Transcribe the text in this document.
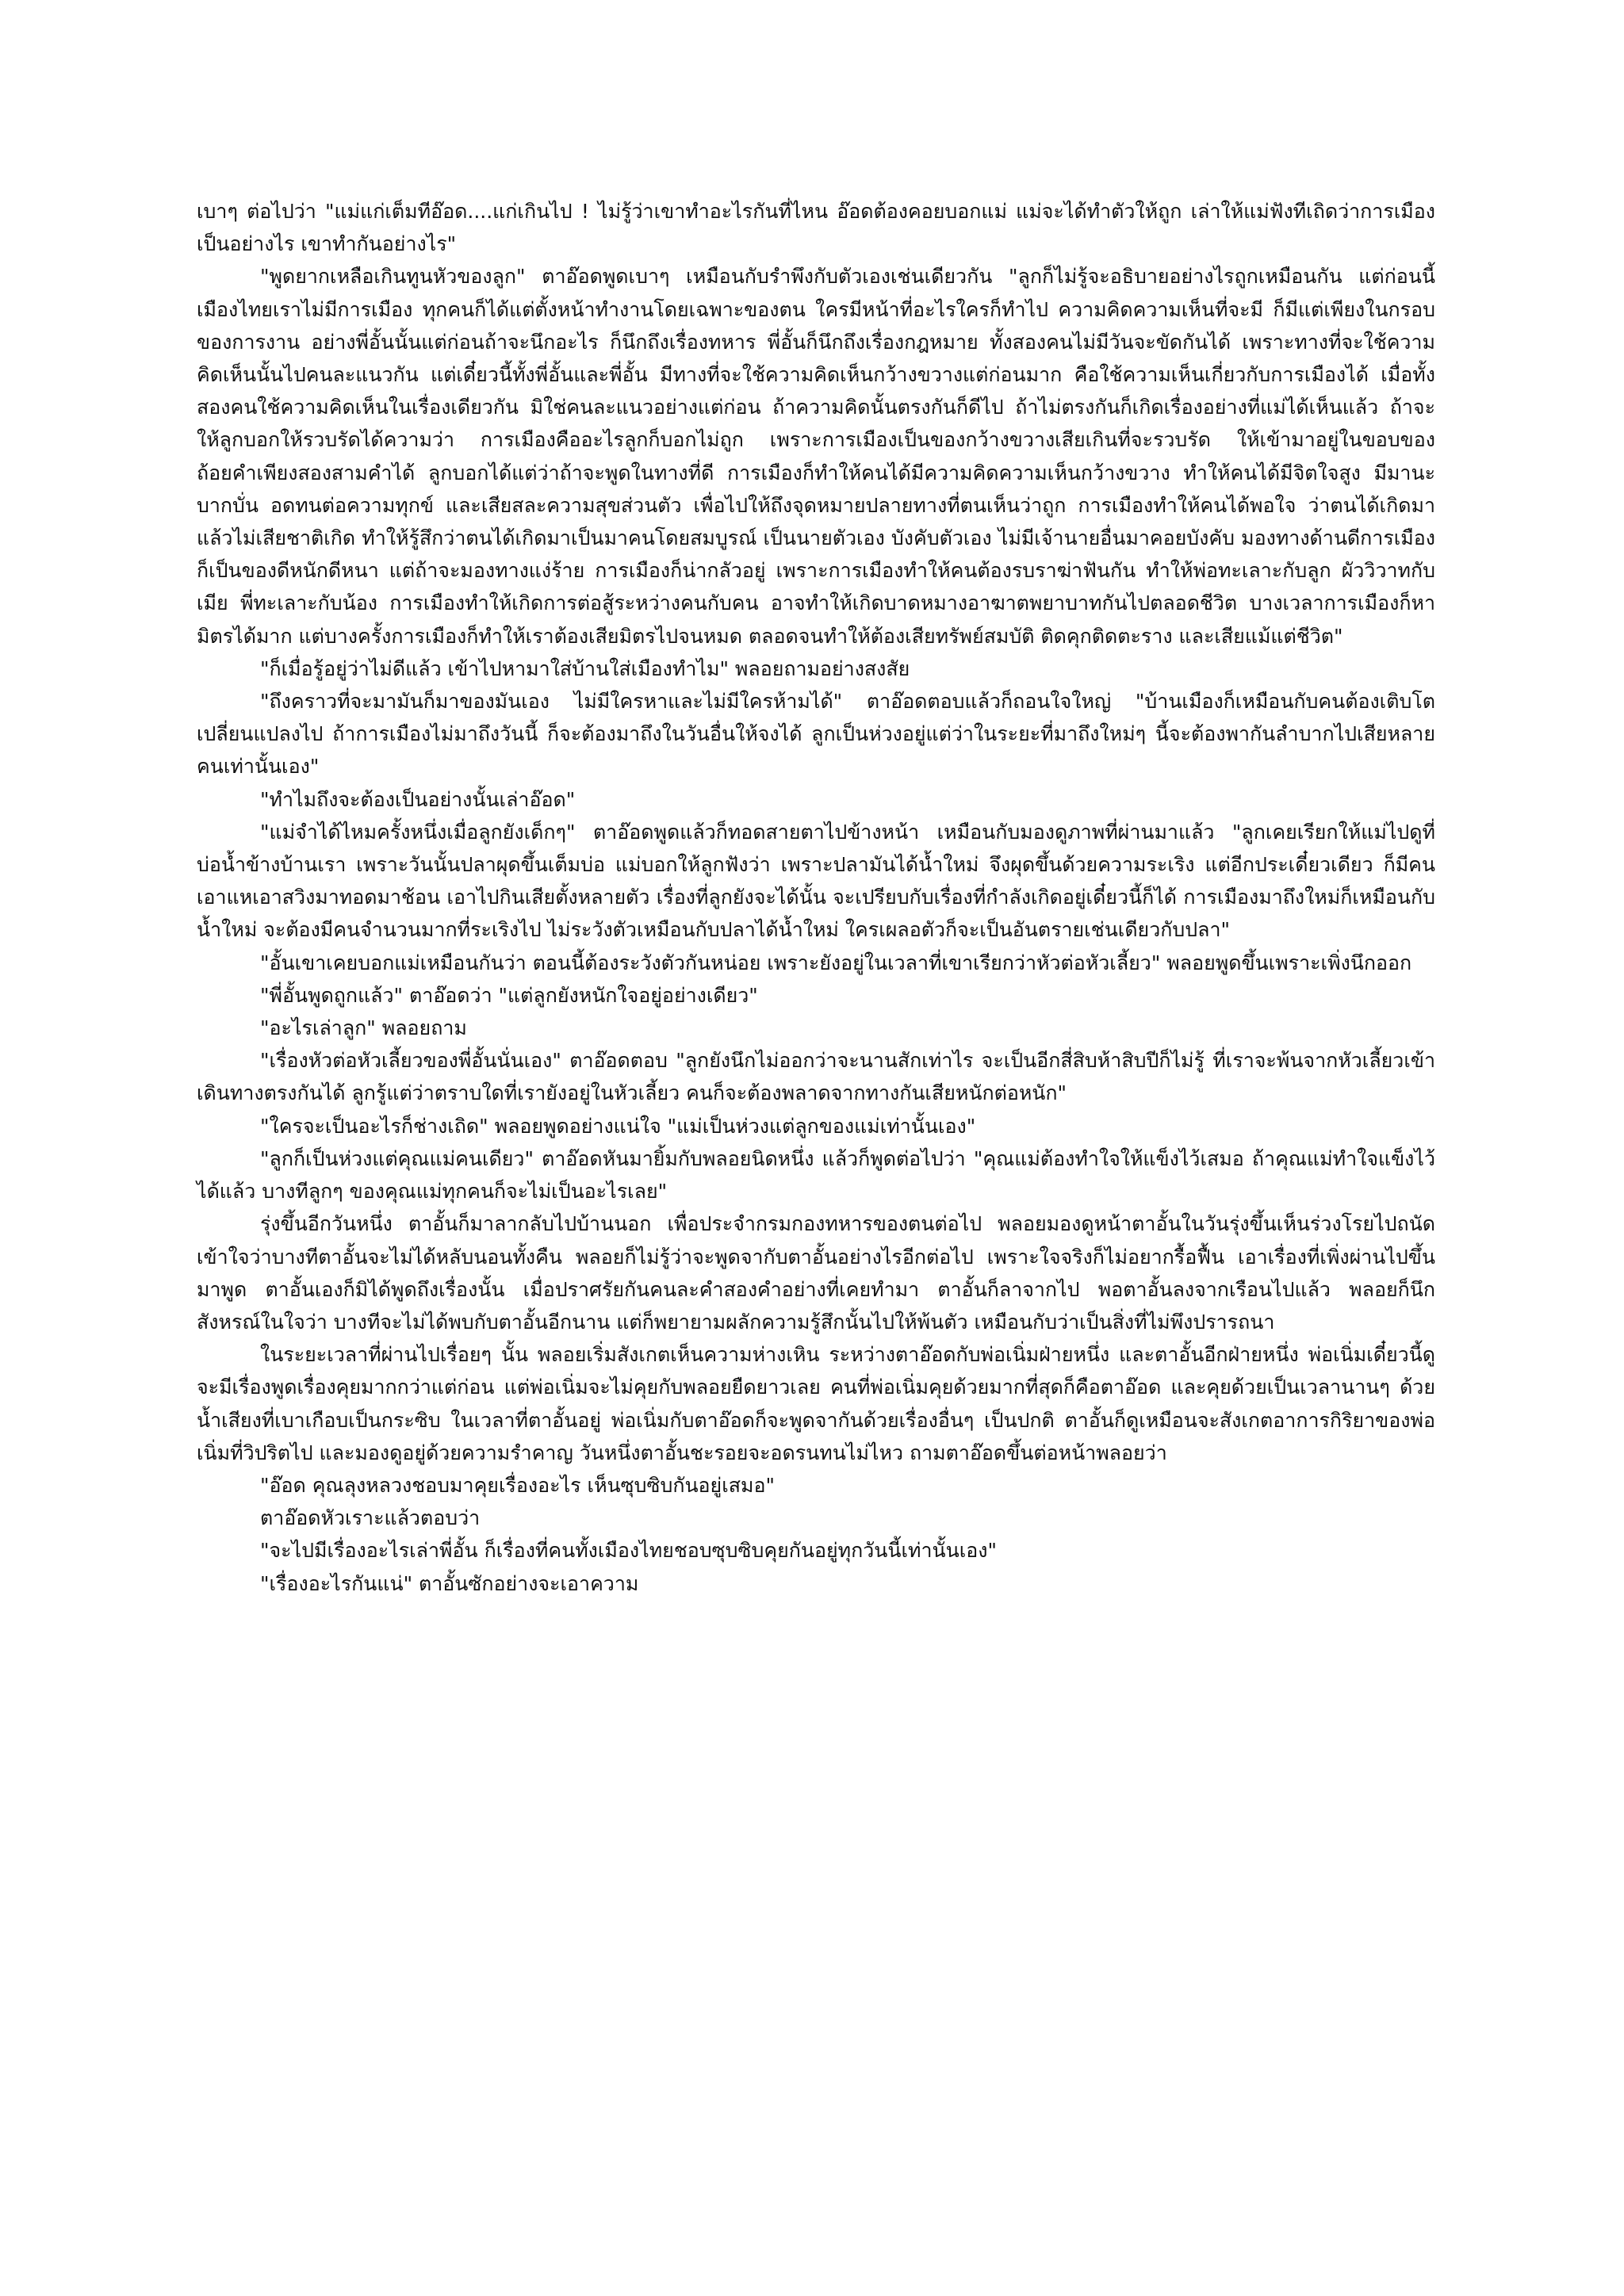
เบาๆ ต่อไปว่า "แม่แก่เต็มทีอ๊อด....แก่เกินไป ! ไม่รู้ว่าเขาทำอะไรกันที่ไหน อ๊อดต้องคอยบอกแม่ แม่จะได้ทำตัวให้ถูก เล่าให้แม่ฟังทีเถิดว่าการเมืองเป็นอย่างไร เขาทำกันอย่างไร"

"พูดยากเหลือเกินทูนหัวของลูก" ตาอ๊อดพูดเบาๆ เหมือนกับรำพึงกับตัวเองเช่นเดียวกัน "ลูกก็ไม่รู้จะอธิบายอย่างไรถูกเหมือนกัน แต่ก่อนนี้เมืองไทยเราไม่มีการเมือง ทุกคนก็ได้แต่ตั้งหน้าทำงานโดยเฉพาะของตน ใครมีหน้าที่อะไรใครก็ทำไป ความคิดความเห็นที่จะมี ก็มีแต่เพียงในกรอบของการงาน อย่างพี่อั้นนั้นแต่ก่อนถ้าจะนึกอะไร ก็นึกถึงเรื่องทหาร พี่อั้นก็นึกถึงเรื่องกฎหมาย ทั้งสองคนไม่มีวันจะขัดกันได้ เพราะทางที่จะใช้ความคิดเห็นนั้นไปคนละแนวกัน แต่เดี๋ยวนี้ทั้งพี่อั้นและพี่อั้น มีทางที่จะใช้ความคิดเห็นกว้างขวางแต่ก่อนมาก คือใช้ความเห็นเกี่ยวกับการเมืองได้ เมื่อทั้งสองคนใช้ความคิดเห็นในเรื่องเดียวกัน มิใช่คนละแนวอย่างแต่ก่อน ถ้าความคิดนั้นตรงกันก็ดีไป ถ้าไม่ตรงกันก็เกิดเรื่องอย่างที่แม่ได้เห็นแล้ว ถ้าจะให้ลูกบอกให้รวบรัดได้ความว่า การเมืองคืออะไรลูกก็บอกไม่ถูก เพราะการเมืองเป็นของกว้างขวางเสียเกินที่จะรวบรัด ให้เข้ามาอยู่ในขอบของถ้อยคำเพียงสองสามคำได้ ลูกบอกได้แต่ว่าถ้าจะพูดในทางที่ดี การเมืองก็ทำให้คนได้มีความคิดความเห็นกว้างขวาง ทำให้คนได้มีจิตใจสูง มีมานะบากบั่น อดทนต่อความทุกข์ และเสียสละความสุขส่วนตัว เพื่อไปให้ถึงจุดหมายปลายทางที่ตนเห็นว่าถูก การเมืองทำให้คนได้พอใจ ว่าตนได้เกิดมาแล้วไม่เสียชาติเกิด ทำให้รู้สึกว่าตนได้เกิดมาเป็นมาคนโดยสมบูรณ์ เป็นนายตัวเอง บังคับตัวเอง ไม่มีเจ้านายอื่นมาคอยบังคับ มองทางด้านดีการเมืองก็เป็นของดีหนักดีหนา แต่ถ้าจะมองทางแง่ร้าย การเมืองก็น่ากลัวอยู่ เพราะการเมืองทำให้คนต้องรบราฆ่าฟันกัน ทำให้พ่อทะเลาะกับลูก ผัววิวาทกับเมีย พี่ทะเลาะกับน้อง การเมืองทำให้เกิดการต่อสู้ระหว่างคนกับคน อาจทำให้เกิดบาดหมางอาฆาตพยาบาทกันไปตลอดชีวิต บางเวลาการเมืองก็หามิตรได้มาก แต่บางครั้งการเมืองก็ทำให้เราต้องเสียมิตรไปจนหมด ตลอดจนทำให้ต้องเสียทรัพย์สมบัติ ติดคุกติดตะราง และเสียแม้แต่ชีวิต"

"ก็เมื่อรู้อยู่ว่าไม่ดีแล้ว เข้าไปหามาใส่บ้านใส่เมืองทำไม" พลอยถามอย่างสงสัย

"ถึงคราวที่จะมามันก็มาของมันเอง ไม่มีใครหาและไม่มีใครห้ามได้" ตาอ๊อดตอบแล้วก็ถอนใจใหญ่ "บ้านเมืองก็เหมือนกับคนต้องเติบโตเปลี่ยนแปลงไป ถ้าการเมืองไม่มาถึงวันนี้ ก็จะต้องมาถึงในวันอื่นให้จงได้ ลูกเป็นห่วงอยู่แต่ว่าในระยะที่มาถึงใหม่ๆ นี้จะต้องพากันลำบากไปเสียหลายคนเท่านั้นเอง"

"ทำไมถึงจะต้องเป็นอย่างนั้นเล่าอ๊อด"

"แม่จำได้ไหมครั้งหนึ่งเมื่อลูกยังเด็กๆ" ตาอ๊อดพูดแล้วก็ทอดสายตาไปข้างหน้า เหมือนกับมองดูภาพที่ผ่านมาแล้ว "ลูกเคยเรียกให้แม่ไปดูที่บ่อน้ำข้างบ้านเรา เพราะวันนั้นปลาผุดขึ้นเต็มบ่อ แม่บอกให้ลูกฟังว่า เพราะปลามันได้น้ำใหม่ จึงผุดขึ้นด้วยความระเริง แต่อีกประเดี๋ยวเดียว ก็มีคนเอาแหเอาสวิงมาทอดมาช้อน เอาไปกินเสียตั้งหลายตัว เรื่องที่ลูกยังจะได้นั้น จะเปรียบกับเรื่องที่กำลังเกิดอยู่เดี๋ยวนี้ก็ได้ การเมืองมาถึงใหม่ก็เหมือนกับน้ำใหม่ จะต้องมีคนจำนวนมากที่ระเริงไป ไม่ระวังตัวเหมือนกับปลาได้น้ำใหม่ ใครเผลอตัวก็จะเป็นอันตรายเช่นเดียวกับปลา"

"อั้นเขาเคยบอกแม่เหมือนกันว่า ตอนนี้ต้องระวังตัวกันหน่อย เพราะยังอยู่ในเวลาที่เขาเรียกว่าหัวต่อหัวเลี้ยว" พลอยพูดขึ้นเพราะเพิ่งนึกออก

"พี่อั้นพูดถูกแล้ว" ตาอ๊อดว่า "แต่ลูกยังหนักใจอยู่อย่างเดียว"

"อะไรเล่าลูก" พลอยถาม

"เรื่องหัวต่อหัวเลี้ยวของพี่อั้นนั่นเอง" ตาอ๊อดตอบ "ลูกยังนึกไม่ออกว่าจะนานสักเท่าไร จะเป็นอีกสี่สิบห้าสิบปีก็ไม่รู้ ที่เราจะพ้นจากหัวเลี้ยวเข้าเดินทางตรงกันได้ ลูกรู้แต่ว่าตราบใดที่เรายังอยู่ในหัวเลี้ยว คนก็จะต้องพลาดจากทางกันเสียหนักต่อหนัก"

"ใครจะเป็นอะไรก็ช่างเถิด" พลอยพูดอย่างแน่ใจ "แม่เป็นห่วงแต่ลูกของแม่เท่านั้นเอง"

"ลูกก็เป็นห่วงแต่คุณแม่คนเดียว" ตาอ๊อดหันมายิ้มกับพลอยนิดหนึ่ง แล้วก็พูดต่อไปว่า "คุณแม่ต้องทำใจให้แข็งไว้เสมอ ถ้าคุณแม่ทำใจแข็งไว้ได้แล้ว บางทีลูกๆ ของคุณแม่ทุกคนก็จะไม่เป็นอะไรเลย"

รุ่งขึ้นอีกวันหนึ่ง ตาอั้นก็มาลากลับไปบ้านนอก เพื่อประจำกรมกองทหารของตนต่อไป พลอยมองดูหน้าตาอั้นในวันรุ่งขึ้นเห็นร่วงโรยไปถนัด เข้าใจว่าบางทีตาอั้นจะไม่ได้หลับนอนทั้งคืน พลอยก็ไม่รู้ว่าจะพูดจากับตาอั้นอย่างไรอีกต่อไป เพราะใจจริงก็ไม่อยากรื้อฟื้น เอาเรื่องที่เพิ่งผ่านไปขึ้นมาพูด ตาอั้นเองก็มิได้พูดถึงเรื่องนั้น เมื่อปราศรัยกันคนละคำสองคำอย่างที่เคยทำมา ตาอั้นก็ลาจากไป พอตาอั้นลงจากเรือนไปแล้ว พลอยก็นึกสังหรณ์ในใจว่า บางทีจะไม่ได้พบกับตาอั้นอีกนาน แต่ก็พยายามผลักความรู้สึกนั้นไปให้พ้นตัว เหมือนกับว่าเป็นสิ่งที่ไม่พึงปรารถนา

ในระยะเวลาที่ผ่านไปเรื่อยๆ นั้น พลอยเริ่มสังเกตเห็นความห่างเหิน ระหว่างตาอ๊อดกับพ่อเนิ่มฝ่ายหนึ่ง และตาอั้นอีกฝ่ายหนึ่ง พ่อเนิ่มเดี๋ยวนี้ดูจะมีเรื่องพูดเรื่องคุยมากกว่าแต่ก่อน แต่พ่อเนิ่มจะไม่คุยกับพลอยยืดยาวเลย คนที่พ่อเนิ่มคุยด้วยมากที่สุดก็คือตาอ๊อด และคุยด้วยเป็นเวลานานๆ ด้วยน้ำเสียงที่เบาเกือบเป็นกระซิบ ในเวลาที่ตาอั้นอยู่ พ่อเนิ่มกับตาอ๊อดก็จะพูดจากันด้วยเรื่องอื่นๆ เป็นปกติ ตาอั้นก็ดูเหมือนจะสังเกตอาการกิริยาของพ่อเนิ่มที่วิปริตไป และมองดูอยู่ด้วยความรำคาญ วันหนึ่งตาอั้นชะรอยจะอดรนทนไม่ไหว ถามตาอ๊อดขึ้นต่อหน้าพลอยว่า

"อ๊อด คุณลุงหลวงชอบมาคุยเรื่องอะไร เห็นซุบซิบกันอยู่เสมอ"

ตาอ๊อดหัวเราะแล้วตอบว่า

"จะไปมีเรื่องอะไรเล่าพี่อั้น ก็เรื่องที่คนทั้งเมืองไทยชอบซุบซิบคุยกันอยู่ทุกวันนี้เท่านั้นเอง"

"เรื่องอะไรกันแน่" ตาอั้นซักอย่างจะเอาความ
